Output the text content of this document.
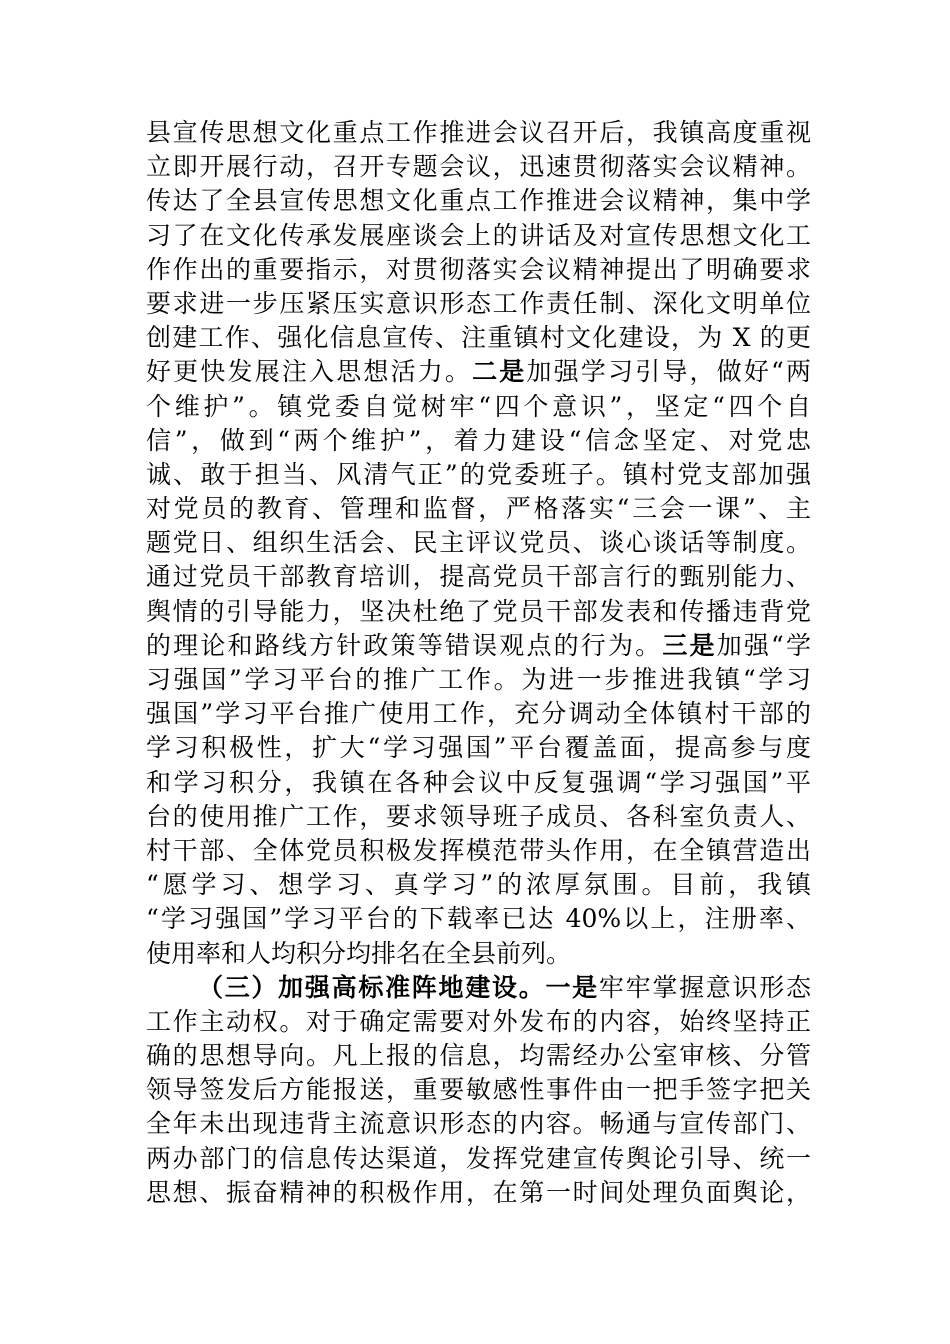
县宣传思想文化重点工作推进会议召开后，我镇高度重视
立即开展行动，召开专题会议，迅速贯彻落实会议精神。
传达了全县宣传思想文化重点工作推进会议精神，集中学
习了在文化传承发展座谈会上的讲话及对宣传思想文化工
作作出的重要指示，对贯彻落实会议精神提出了明确要求
要求进一步压紧压实意识形态工作责任制、深化文明单位
创建工作、强化信息宣传、注重镇村文化建设，为 X 的更
好更快发展注入思想活力。二是加强学习引导，做好“两
个维护”。镇党委自觉树牢“四个意识”，坚定“四个自
信”，做到“两个维护”，着力建设“信念坚定、对党忠
诚、敢于担当、风清气正”的党委班子。镇村党支部加强
对党员的教育、管理和监督，严格落实“三会一课”、主
题党日、组织生活会、民主评议党员、谈心谈话等制度。
通过党员干部教育培训，提高党员干部言行的甄别能力、
舆情的引导能力，坚决杜绝了党员干部发表和传播违背党
的理论和路线方针政策等错误观点的行为。三是加强“学
习强国”学习平台的推广工作。为进一步推进我镇“学习
强国”学习平台推广使用工作，充分调动全体镇村干部的
学习积极性，扩大“学习强国”平台覆盖面，提高参与度
和学习积分，我镇在各种会议中反复强调“学习强国”平
台的使用推广工作，要求领导班子成员、各科室负责人、
村干部、全体党员积极发挥模范带头作用，在全镇营造出
“愿学习、想学习、真学习”的浓厚氛围。目前，我镇
“学习强国”学习平台的下载率已达 40%以上，注册率、
使用率和人均积分均排名在全县前列。
（三）加强高标准阵地建设。一是牢牢掌握意识形态
工作主动权。对于确定需要对外发布的内容，始终坚持正
确的思想导向。凡上报的信息，均需经办公室审核、分管
领导签发后方能报送，重要敏感性事件由一把手签字把关
全年未出现违背主流意识形态的内容。畅通与宣传部门、
两办部门的信息传达渠道，发挥党建宣传舆论引导、统一
思想、振奋精神的积极作用，在第一时间处理负面舆论，
